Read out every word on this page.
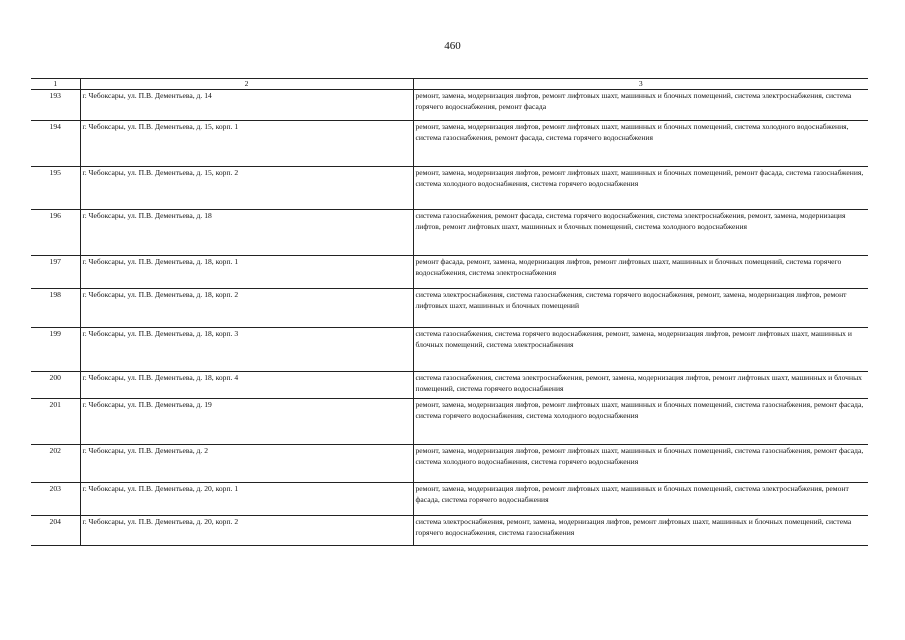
460
1	2	3
193	г. Чебоксары, ул. П.В. Дементьева, д. 14	ремонт, замена, модернизация лифтов, ремонт лифтовых шахт, машинных и блочных помещений, система электроснабжения, система горячего водоснабжения, ремонт фасада
194	г. Чебоксары, ул. П.В. Дементьева, д. 15, корп. 1	ремонт, замена, модернизация лифтов, ремонт лифтовых шахт, машинных и блочных помещений, система холодного водоснабжения, система газоснабжения, ремонт фасада, система горячего водоснабжения
195	г. Чебоксары, ул. П.В. Дементьева, д. 15, корп. 2	ремонт, замена, модернизация лифтов, ремонт лифтовых шахт, машинных и блочных помещений, ремонт фасада, система газоснабжения, система холодного водоснабжения, система горячего водоснабжения
196	г. Чебоксары, ул. П.В. Дементьева, д. 18	система газоснабжения, ремонт фасада, система горячего водоснабжения, система электроснабжения, ремонт, замена, модернизация лифтов, ремонт лифтовых шахт, машинных и блочных помещений, система холодного водоснабжения
197	г. Чебоксары, ул. П.В. Дементьева, д. 18, корп. 1	ремонт фасада, ремонт, замена, модернизация лифтов, ремонт лифтовых шахт, машинных и блочных помещений, система горячего водоснабжения, система электроснабжения
198	г. Чебоксары, ул. П.В. Дементьева, д. 18, корп. 2	система электроснабжения, система газоснабжения, система горячего водоснабжения, ремонт, замена, модернизация лифтов, ремонт лифтовых шахт, машинных и блочных помещений
199	г. Чебоксары, ул. П.В. Дементьева, д. 18, корп. 3	система газоснабжения, система горячего водоснабжения, ремонт, замена, модернизация лифтов, ремонт лифтовых шахт, машинных и блочных помещений, система электроснабжения
200	г. Чебоксары, ул. П.В. Дементьева, д. 18, корп. 4	система газоснабжения, система электроснабжения, ремонт, замена, модернизация лифтов, ремонт лифтовых шахт, машинных и блочных помещений, система горячего водоснабжения
201	г. Чебоксары, ул. П.В. Дементьева, д. 19	ремонт, замена, модернизация лифтов, ремонт лифтовых шахт, машинных и блочных помещений, система газоснабжения, ремонт фасада, система горячего водоснабжения, система холодного водоснабжения
202	г. Чебоксары, ул. П.В. Дементьева, д. 2	ремонт, замена, модернизация лифтов, ремонт лифтовых шахт, машинных и блочных помещений, система газоснабжения, ремонт фасада, система холодного водоснабжения, система горячего водоснабжения
203	г. Чебоксары, ул. П.В. Дементьева, д. 20, корп. 1	ремонт, замена, модернизация лифтов, ремонт лифтовых шахт, машинных и блочных помещений, система электроснабжения, ремонт фасада, система горячего водоснабжения
204	г. Чебоксары, ул. П.В. Дементьева, д. 20, корп. 2	система электроснабжения, ремонт, замена, модернизация лифтов, ремонт лифтовых шахт, машинных и блочных помещений, система горячего водоснабжения, система газоснабжения
